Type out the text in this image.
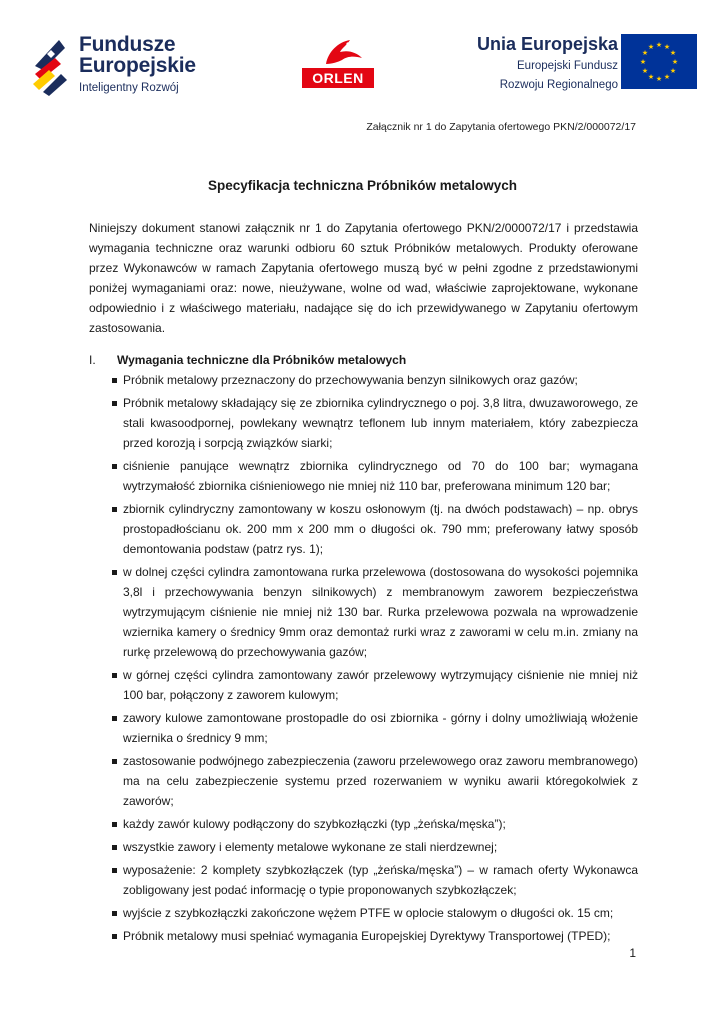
Fundusze
Europejskie
Inteligentny Rozwój
ORLEN
Unia Europejska
Europejski Fundusz
Rozwoju Regionalnego
★ ★
★
★
★
★
★
★
★
★
★
★
Załącznik nr 1 do Zapytania ofertowego PKN/2/000072/17
Specyfikacja techniczna Próbników metalowych
Niniejszy dokument stanowi załącznik nr 1 do Zapytania ofertowego PKN/2/000072/17 i przedstawia wymagania techniczne oraz warunki odbioru 60 sztuk Próbników metalowych. Produkty oferowane przez Wykonawców w ramach Zapytania ofertowego muszą być w pełni zgodne z przedstawionymi poniżej wymaganiami oraz: nowe, nieużywane, wolne od wad, właściwie zaprojektowane, wykonane odpowiednio i z właściwego materiału, nadające się do ich przewidywanego w Zapytaniu ofertowym zastosowania.
I. Wymagania techniczne dla Próbników metalowych
Próbnik metalowy przeznaczony do przechowywania benzyn silnikowych oraz gazów;
Próbnik metalowy składający się ze zbiornika cylindrycznego o poj. 3,8 litra, dwuzaworowego, ze stali kwasoodpornej, powlekany wewnątrz teflonem lub innym materiałem, który zabezpiecza przed korozją i sorpcją związków siarki;
ciśnienie panujące wewnątrz zbiornika cylindrycznego od 70 do 100 bar; wymagana wytrzymałość zbiornika ciśnieniowego nie mniej niż 110 bar, preferowana minimum 120 bar;
zbiornik cylindryczny zamontowany w koszu osłonowym (tj. na dwóch podstawach) – np. obrys prostopadłościanu ok. 200 mm x 200 mm o długości ok. 790 mm; preferowany łatwy sposób demontowania podstaw (patrz rys. 1);
w dolnej części cylindra zamontowana rurka przelewowa (dostosowana do wysokości pojemnika 3,8l i przechowywania benzyn silnikowych) z membranowym zaworem bezpieczeństwa wytrzymującym ciśnienie nie mniej niż 130 bar. Rurka przelewowa pozwala na wprowadzenie wziernika kamery o średnicy 9mm oraz demontaż rurki wraz z zaworami w celu m.in. zmiany na rurkę przelewową do przechowywania gazów;
w górnej części cylindra zamontowany zawór przelewowy wytrzymujący ciśnienie nie mniej niż 100 bar, połączony z zaworem kulowym;
zawory kulowe zamontowane prostopadle do osi zbiornika - górny i dolny umożliwiają włożenie wziernika o średnicy 9 mm;
zastosowanie podwójnego zabezpieczenia (zaworu przelewowego oraz zaworu membranowego) ma na celu zabezpieczenie systemu przed rozerwaniem w wyniku awarii któregokolwiek z zaworów;
każdy zawór kulowy podłączony do szybkozłączki (typ „żeńska/męska”);
wszystkie zawory i elementy metalowe wykonane ze stali nierdzewnej;
wyposażenie: 2 komplety szybkozłączek (typ „żeńska/męska”) – w ramach oferty Wykonawca zobligowany jest podać informację o typie proponowanych szybkozłączek;
wyjście z szybkozłączki zakończone wężem PTFE w oplocie stalowym o długości ok. 15 cm;
Próbnik metalowy musi spełniać wymagania Europejskiej Dyrektywy Transportowej (TPED);
1
